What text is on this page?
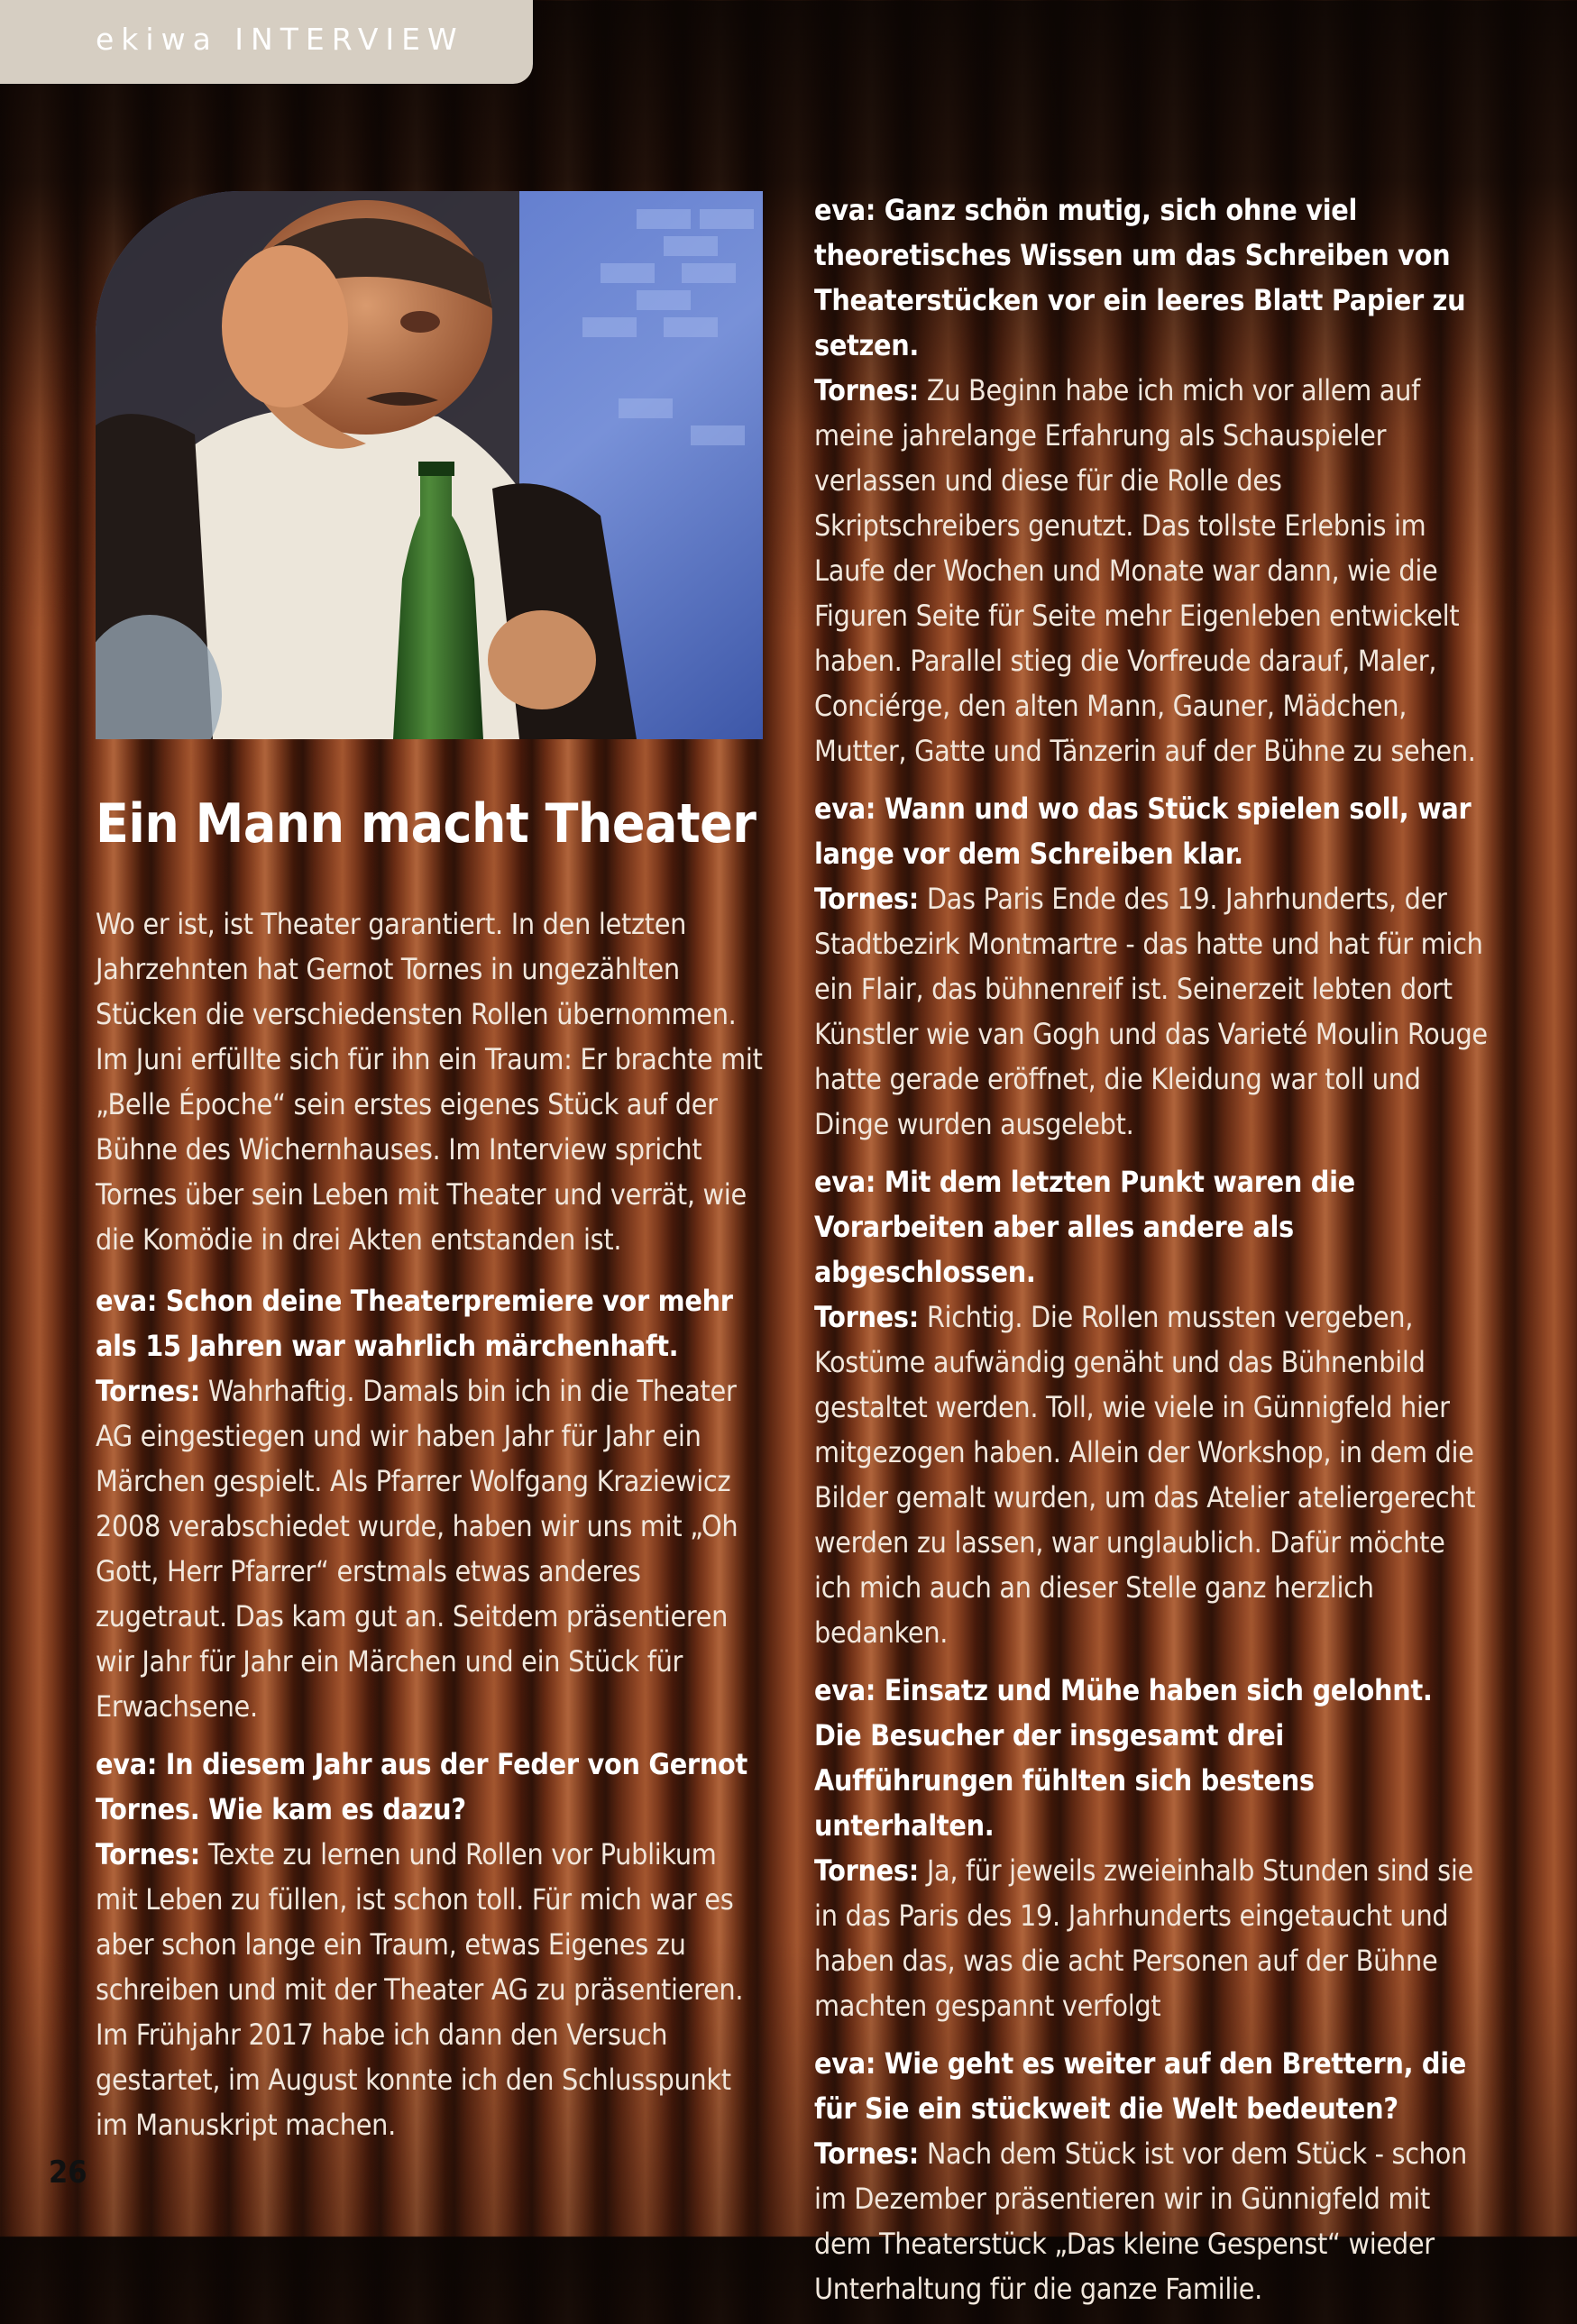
ekiwa INTERVIEW
Ein Mann macht Theater

Wo er ist, ist Theater garantiert. In den letzten Jahrzehnten hat Gernot Tornes in ungezählten Stücken die verschiedensten Rollen übernommen. Im Juni erfüllte sich für ihn ein Traum: Er brachte mit „Belle Époche“ sein erstes eigenes Stück auf der Bühne des Wichernhauses. Im Interview spricht Tornes über sein Leben mit Theater und verrät, wie die Komödie in drei Akten entstanden ist.

eva: Schon deine Theaterpremiere vor mehr als 15 Jahren war wahrlich märchenhaft.
Tornes: Wahrhaftig. Damals bin ich in die Theater AG eingestiegen und wir haben Jahr für Jahr ein Märchen gespielt. Als Pfarrer Wolfgang Kraziewicz 2008 verabschiedet wurde, haben wir uns mit „Oh Gott, Herr Pfarrer“ erstmals etwas anderes zugetraut. Das kam gut an. Seitdem präsentieren wir Jahr für Jahr ein Märchen und ein Stück für Erwachsene.

eva: In diesem Jahr aus der Feder von Gernot Tornes. Wie kam es dazu?
Tornes: Texte zu lernen und Rollen vor Publikum mit Leben zu füllen, ist schon toll. Für mich war es aber schon lange ein Traum, etwas Eigenes zu schreiben und mit der Theater AG zu präsentieren. Im Frühjahr 2017 habe ich dann den Versuch gestartet, im August konnte ich den Schlusspunkt im Manuskript machen.

eva: Ganz schön mutig, sich ohne viel theoretisches Wissen um das Schreiben von Theaterstücken vor ein leeres Blatt Papier zu setzen.
Tornes: Zu Beginn habe ich mich vor allem auf meine jahrelange Erfahrung als Schauspieler verlassen und diese für die Rolle des Skriptschreibers genutzt. Das tollste Erlebnis im Laufe der Wochen und Monate war dann, wie die Figuren Seite für Seite mehr Eigenleben entwickelt haben. Parallel stieg die Vorfreude darauf, Maler, Conciérge, den alten Mann, Gauner, Mädchen, Mutter, Gatte und Tänzerin auf der Bühne zu sehen.

eva: Wann und wo das Stück spielen soll, war lange vor dem Schreiben klar.
Tornes: Das Paris Ende des 19. Jahrhunderts, der Stadtbezirk Montmartre - das hatte und hat für mich ein Flair, das bühnenreif ist. Seinerzeit lebten dort Künstler wie van Gogh und das Varieté Moulin Rouge hatte gerade eröffnet, die Kleidung war toll und Dinge wurden ausgelebt.

eva: Mit dem letzten Punkt waren die Vorarbeiten aber alles andere als abgeschlossen.
Tornes: Richtig. Die Rollen mussten vergeben, Kostüme aufwändig genäht und das Bühnenbild gestaltet werden. Toll, wie viele in Günnigfeld hier mitgezogen haben. Allein der Workshop, in dem die Bilder gemalt wurden, um das Atelier ateliergerecht werden zu lassen, war unglaublich. Dafür möchte ich mich auch an dieser Stelle ganz herzlich bedanken.

eva: Einsatz und Mühe haben sich gelohnt. Die Besucher der insgesamt drei Aufführungen fühlten sich bestens unterhalten.
Tornes: Ja, für jeweils zweieinhalb Stunden sind sie in das Paris des 19. Jahrhunderts eingetaucht und haben das, was die acht Personen auf der Bühne machten gespannt verfolgt

eva: Wie geht es weiter auf den Brettern, die für Sie ein stückweit die Welt bedeuten?
Tornes: Nach dem Stück ist vor dem Stück - schon im Dezember präsentieren wir in Günnigfeld mit dem Theaterstück „Das kleine Gespenst“ wieder Unterhaltung für die ganze Familie.

26
